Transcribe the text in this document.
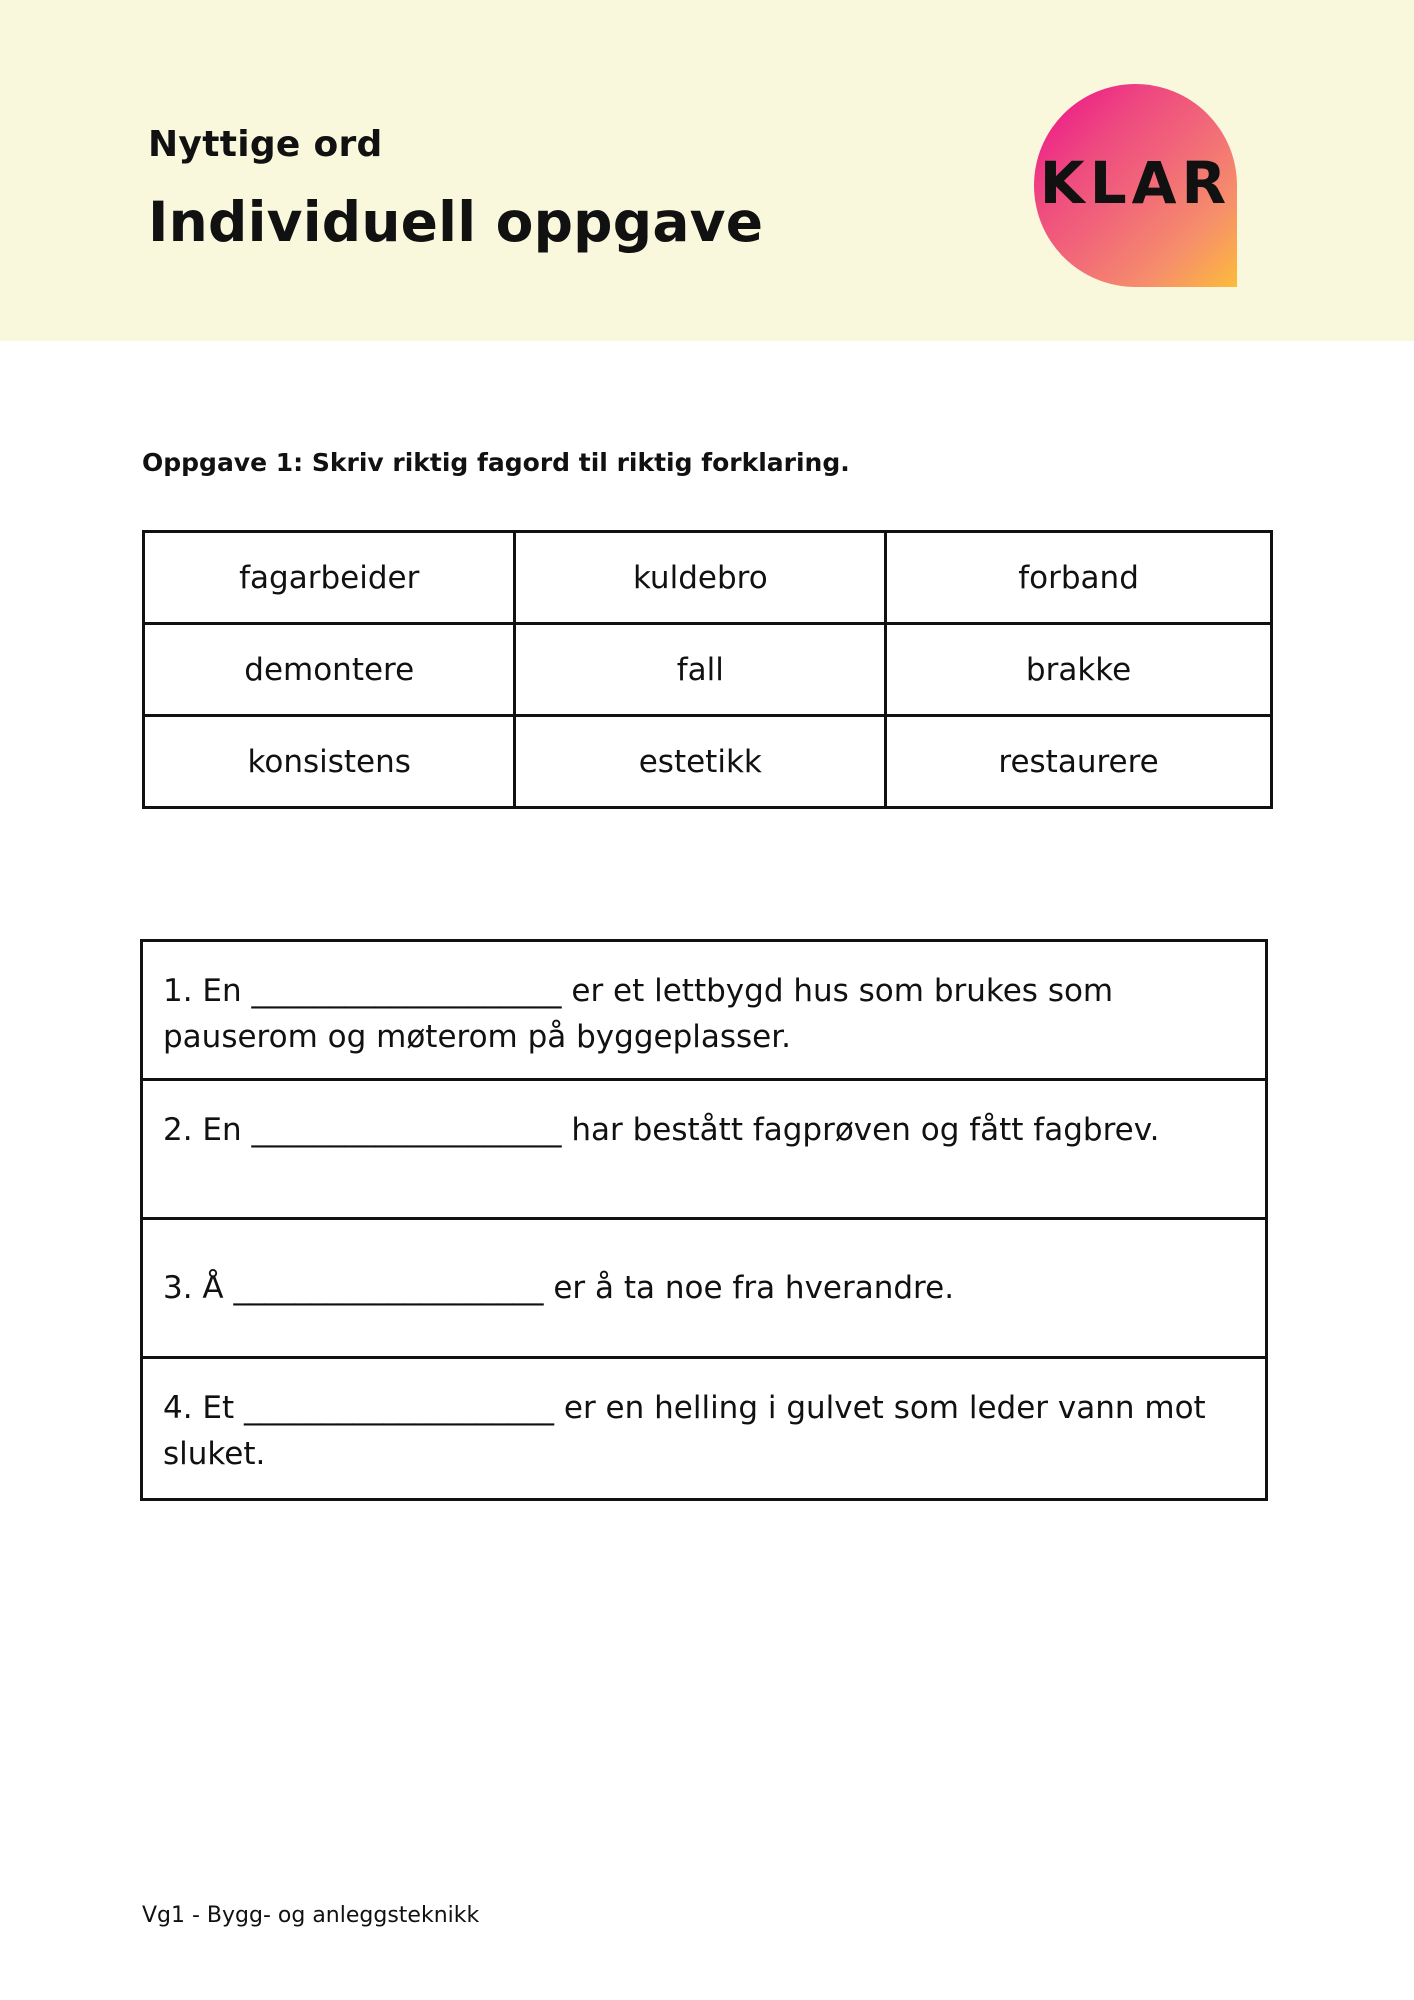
Nyttige ord
Individuell oppgave
KLAR
Oppgave 1: Skriv riktig fagord til riktig forklaring.
fagarbeider	kuldebro	forband
demontere	fall	brakke
konsistens	estetikk	restaurere
1. En ____________________ er et lettbygd hus som brukes som pauserom og møterom på byggeplasser.
2. En ____________________ har bestått fagprøven og fått fagbrev.
3. Å ____________________ er å ta noe fra hverandre.
4. Et ____________________ er en helling i gulvet som leder vann mot sluket.
Vg1 - Bygg- og anleggsteknikk
